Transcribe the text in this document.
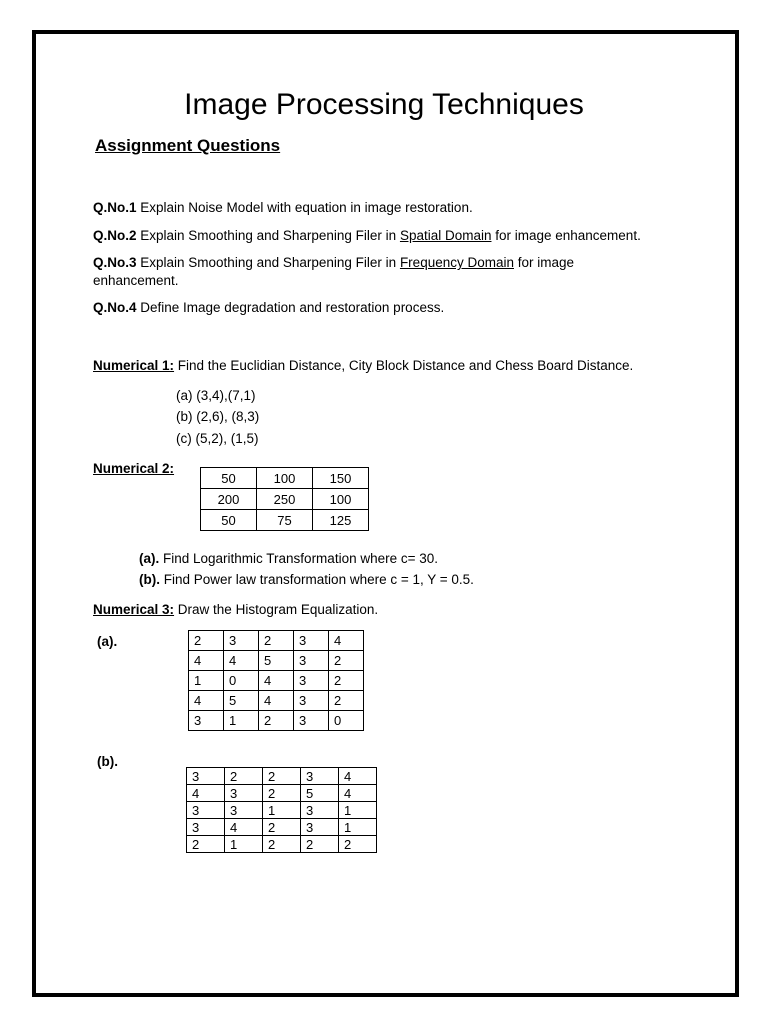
Image Processing Techniques
Assignment Questions
Q.No.1 Explain Noise Model with equation in image restoration.
Q.No.2 Explain Smoothing and Sharpening Filer in Spatial Domain for image enhancement.
Q.No.3 Explain Smoothing and Sharpening Filer in Frequency Domain for image
enhancement.
Q.No.4 Define Image degradation and restoration process.
Numerical 1: Find the Euclidian Distance, City Block Distance and Chess Board Distance.
(a) (3,4),(7,1)
(b) (2,6), (8,3)
(c) (5,2), (1,5)
Numerical 2:
50	100	150
200	250	100
50	75	125
(a). Find Logarithmic Transformation where c= 30.
(b). Find Power law transformation where c = 1, Y = 0.5.
Numerical 3: Draw the Histogram Equalization.
(a).	2	3	2	3	4
4	4	5	3	2
1	0	4	3	2
4	5	4	3	2
3	1	2	3	0
(b).
3	2	2	3	4
4	3	2	5	4
3	3	1	3	1
3	4	2	3	1
2	1	2	2	2
